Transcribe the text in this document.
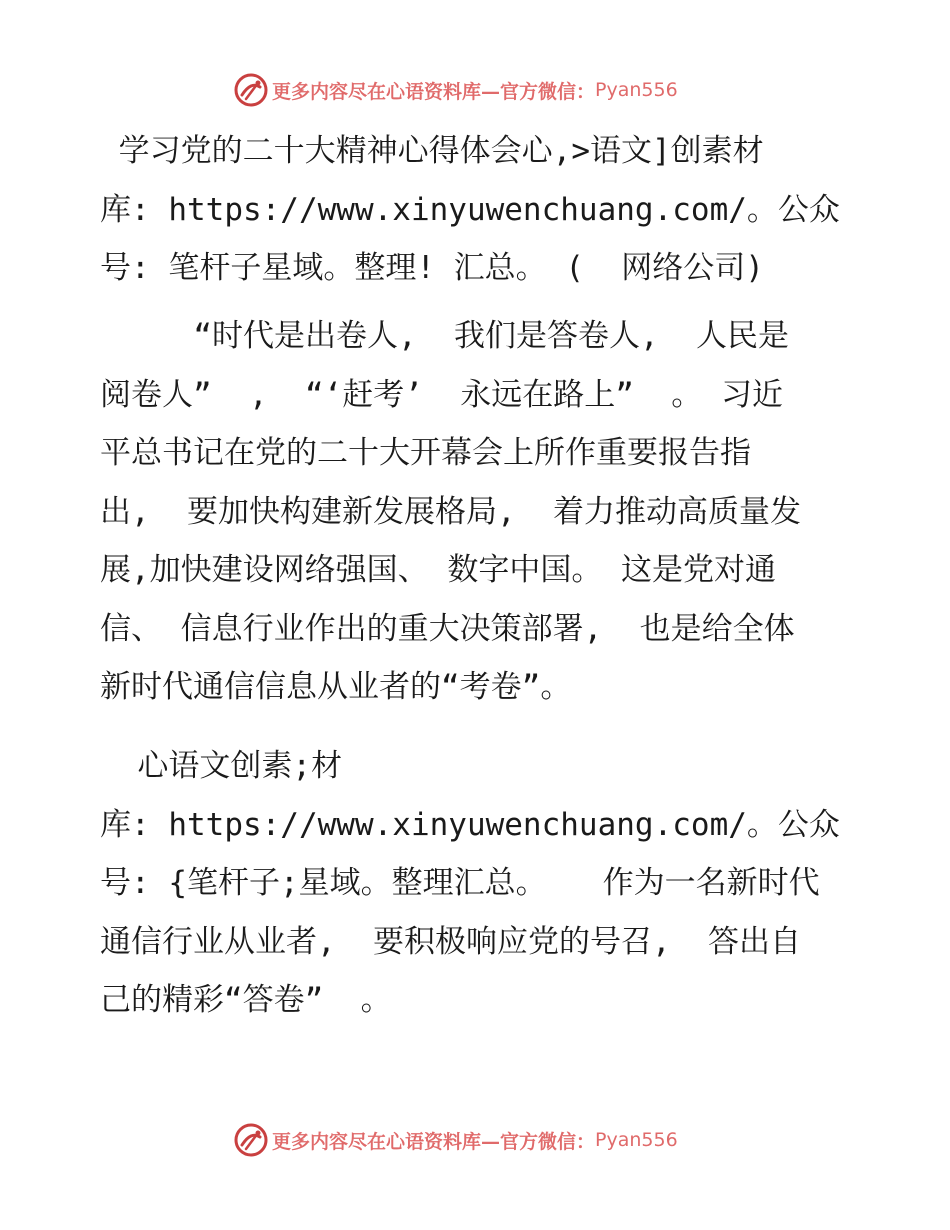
更多内容尽在心语资料库—官方微信： Pyan556
学习党的二十大精神心得体会心,>语文]创素材
库: https://www.xinyuwenchuang.com/。公众
号: 笔杆子星域。整理! 汇总。 (  网络公司)
“时代是出卷人,  我们是答卷人,  人民是
阅卷人”  ,  “‘赶考’  永远在路上”  。 习近
平总书记在党的二十大开幕会上所作重要报告指
出,  要加快构建新发展格局,  着力推动高质量发
展,加快建设网络强国、 数字中国。 这是党对通
信、 信息行业作出的重大决策部署,  也是给全体
新时代通信信息从业者的“考卷”。
心语文创素;材
库: https://www.xinyuwenchuang.com/。公众
号: {笔杆子;星域。整理汇总。   作为一名新时代
通信行业从业者,  要积极响应党的号召,  答出自
己的精彩“答卷”  。
更多内容尽在心语资料库—官方微信： Pyan556
